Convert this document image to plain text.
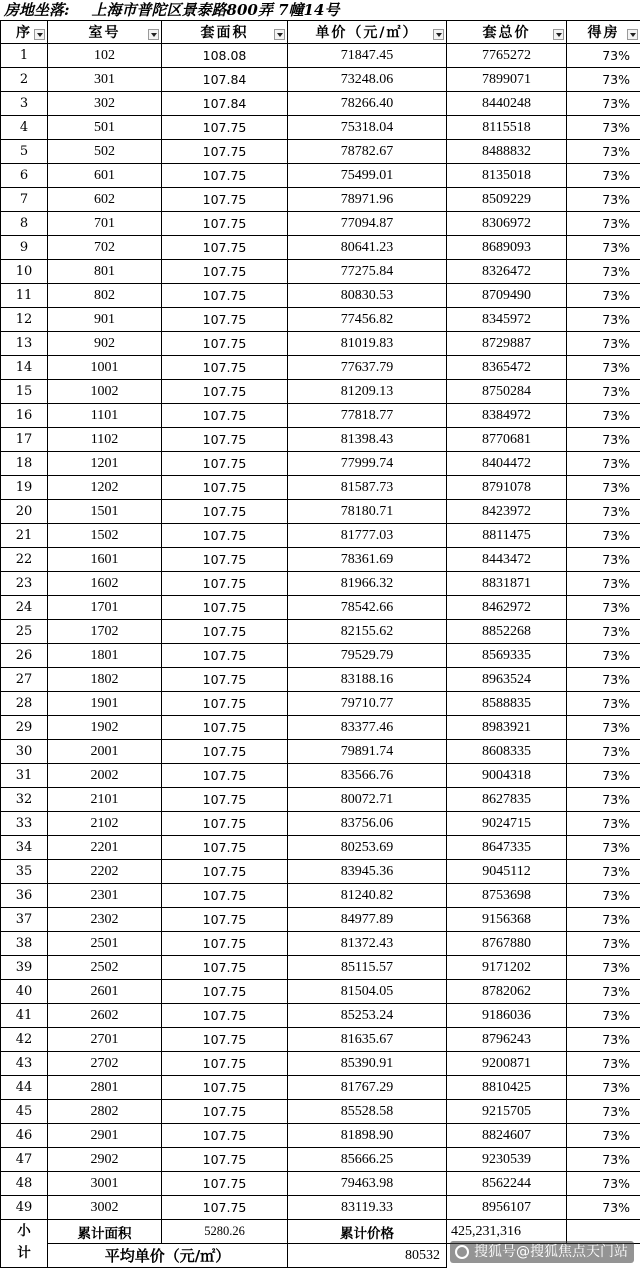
房地坐落: 上海市普陀区景泰路800弄 7幢14号
序	室号	套面积	单价（元/㎡）	套总价	得房

1	102	108.08	71847.45	7765272	73%
2	301	107.84	73248.06	7899071	73%
3	302	107.84	78266.40	8440248	73%
4	501	107.75	75318.04	8115518	73%
5	502	107.75	78782.67	8488832	73%
6	601	107.75	75499.01	8135018	73%
7	602	107.75	78971.96	8509229	73%
8	701	107.75	77094.87	8306972	73%
9	702	107.75	80641.23	8689093	73%
10	801	107.75	77275.84	8326472	73%
11	802	107.75	80830.53	8709490	73%
12	901	107.75	77456.82	8345972	73%
13	902	107.75	81019.83	8729887	73%
14	1001	107.75	77637.79	8365472	73%
15	1002	107.75	81209.13	8750284	73%
16	1101	107.75	77818.77	8384972	73%
17	1102	107.75	81398.43	8770681	73%
18	1201	107.75	77999.74	8404472	73%
19	1202	107.75	81587.73	8791078	73%
20	1501	107.75	78180.71	8423972	73%
21	1502	107.75	81777.03	8811475	73%
22	1601	107.75	78361.69	8443472	73%
23	1602	107.75	81966.32	8831871	73%
24	1701	107.75	78542.66	8462972	73%
25	1702	107.75	82155.62	8852268	73%
26	1801	107.75	79529.79	8569335	73%
27	1802	107.75	83188.16	8963524	73%
28	1901	107.75	79710.77	8588835	73%
29	1902	107.75	83377.46	8983921	73%
30	2001	107.75	79891.74	8608335	73%
31	2002	107.75	83566.76	9004318	73%
32	2101	107.75	80072.71	8627835	73%
33	2102	107.75	83756.06	9024715	73%
34	2201	107.75	80253.69	8647335	73%
35	2202	107.75	83945.36	9045112	73%
36	2301	107.75	81240.82	8753698	73%
37	2302	107.75	84977.89	9156368	73%
38	2501	107.75	81372.43	8767880	73%
39	2502	107.75	85115.57	9171202	73%
40	2601	107.75	81504.05	8782062	73%
41	2602	107.75	85253.24	9186036	73%
42	2701	107.75	81635.67	8796243	73%
43	2702	107.75	85390.91	9200871	73%
44	2801	107.75	81767.29	8810425	73%
45	2802	107.75	85528.58	9215705	73%
46	2901	107.75	81898.90	8824607	73%
47	2902	107.75	85666.25	9230539	73%
48	3001	107.75	79463.98	8562244	73%
49	3002	107.75	83119.33	8956107	73%
小计	累计面积	5280.26	累计价格	425,231,316	
	平均单价（元/㎡）		80532			搜狐号@搜狐焦点天门站
